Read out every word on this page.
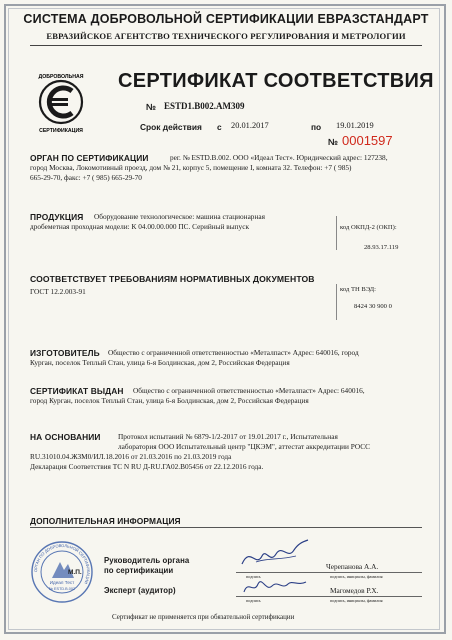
СИСТЕМА ДОБРОВОЛЬНОЙ СЕРТИФИКАЦИИ ЕВРАЗСТАНДАРТ
ЕВРАЗИЙСКОЕ АГЕНТСТВО ТЕХНИЧЕСКОГО РЕГУЛИРОВАНИЯ И МЕТРОЛОГИИ
ДОБРОВОЛЬНАЯ
СЕРТИФИКАЦИЯ
СЕРТИФИКАТ СООТВЕТСТВИЯ
№ ESTD1.B002.AM309
Срок действия с 20.01.2017	по 19.01.2019
№ 0001597
ОРГАН ПО СЕРТИФИКАЦИИ	рег. № ESTD.B.002. ООО «Идеал Тест». Юридический адрес: 127238,
город Москва, Локомотивный проезд, дом № 21, корпус 5, помещение I, комната 32. Телефон: +7 ( 985)
665-29-70, факс: +7 ( 985) 665-29-70
ПРОДУКЦИЯ Оборудование технологическое: машина стационарная
дробеметная проходная модели: К 04.00.00.000 ПС. Серийный выпуск	код ОКПД-2 (ОКП):
28.93.17.119
СООТВЕТСТВУЕТ ТРЕБОВАНИЯМ НОРМАТИВНЫХ ДОКУМЕНТОВ
ГОСТ 12.2.003-91	код ТН ВЭД:
8424 30 900 0
ИЗГОТОВИТЕЛЬ Общество с ограниченной ответственностью «Металпаст» Адрес: 640016, город
Курган, поселок Теплый Стан, улица 6-я Болдинская, дом 2, Российская Федерация
СЕРТИФИКАТ ВЫДАН Общество с ограниченной ответственностью «Металпаст» Адрес: 640016,
город Курган, поселок Теплый Стан, улица 6-я Болдинская, дом 2, Российская Федерация
НА ОСНОВАНИИ Протокол испытаний № 6879-1/2-2017 от 19.01.2017 г., Испытательная
лаборатория ООО Испытательный центр "ЦКЭМ", аттестат аккредитации РОСС
RU.31010.04.ЖЗМ0/ИЛ.18.2016 от 21.03.2016 по 21.03.2019 года
Декларация Соответствия ТС N RU Д-RU.ГА02.В05456 от 22.12.2016 года.
ДОПОЛНИТЕЛЬНАЯ ИНФОРМАЦИЯ
ОРГАН ПО ДОБРОВОЛЬНОЙ СЕРТИФИКАЦИИ
М.П.
Идеал Тест
№ ESTD.B.002
Руководитель органа
по сертификации	Черепанова А.А.
подпись	подпись, инициалы, фамилия
Эксперт (аудитор)	Магомедов Р.Х.
подпись	подпись, инициалы, фамилия
Сертификат не применяется при обязательной сертификации
